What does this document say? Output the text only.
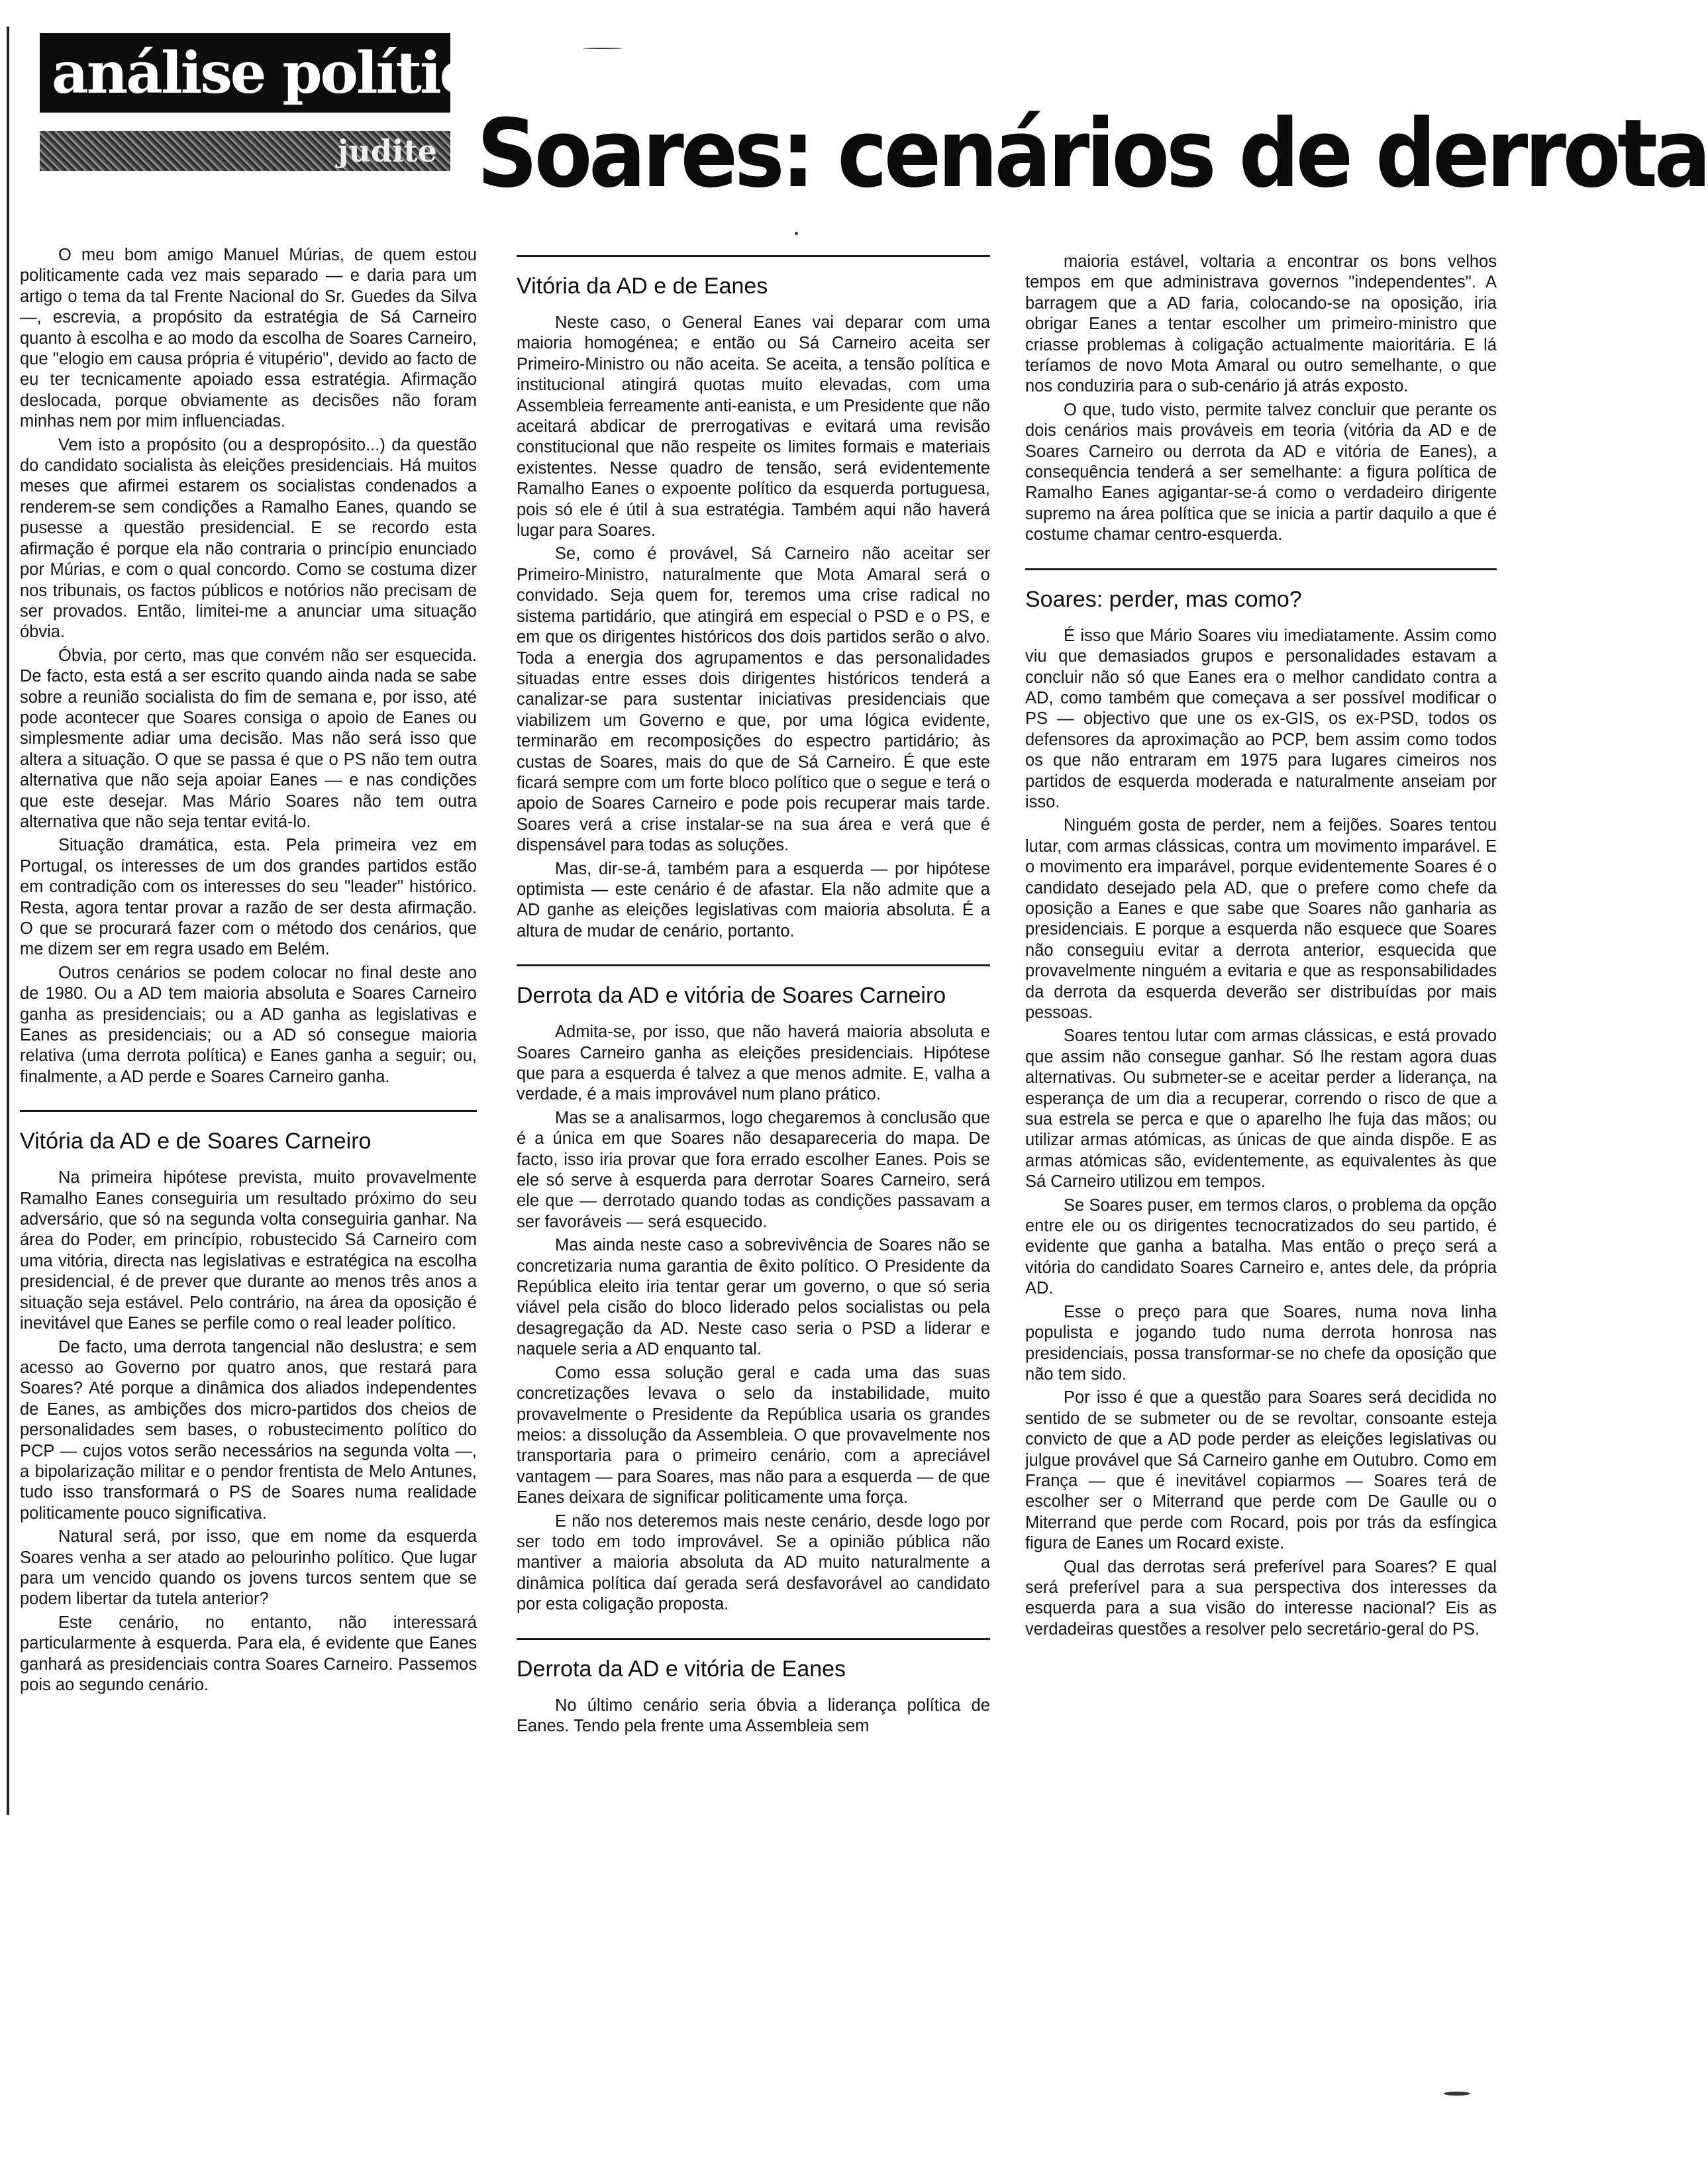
análise política
judite Soares: cenários de derrota

O meu bom amigo Manuel Múrias, de quem estou politicamente cada vez mais separado — e daria para um artigo o tema da tal Frente Nacional do Sr. Guedes da Silva —, escrevia, a propósito da estratégia de Sá Carneiro quanto à escolha e ao modo da escolha de Soares Carneiro, que "elogio em causa própria é vitupério", devido ao facto de eu ter tecnicamente apoiado essa estratégia. Afirmação deslocada, porque obviamente as decisões não foram minhas nem por mim influenciadas.

Vem isto a propósito (ou a despropósito...) da questão do candidato socialista às eleições presidenciais. Há muitos meses que afirmei estarem os socialistas condenados a renderem-se sem condições a Ramalho Eanes, quando se pusesse a questão presidencial. E se recordo esta afirmação é porque ela não contraria o princípio enunciado por Múrias, e com o qual concordo. Como se costuma dizer nos tribunais, os factos públicos e notórios não precisam de ser provados. Então, limitei-me a anunciar uma situação óbvia.

Óbvia, por certo, mas que convém não ser esquecida. De facto, esta está a ser escrito quando ainda nada se sabe sobre a reunião socialista do fim de semana e, por isso, até pode acontecer que Soares consiga o apoio de Eanes ou simplesmente adiar uma decisão. Mas não será isso que altera a situação. O que se passa é que o PS não tem outra alternativa que não seja apoiar Eanes — e nas condições que este desejar. Mas Mário Soares não tem outra alternativa que não seja tentar evitá-lo.

Situação dramática, esta. Pela primeira vez em Portugal, os interesses de um dos grandes partidos estão em contradição com os interesses do seu "leader" histórico. Resta, agora tentar provar a razão de ser desta afirmação. O que se procurará fazer com o método dos cenários, que me dizem ser em regra usado em Belém.

Outros cenários se podem colocar no final deste ano de 1980. Ou a AD tem maioria absoluta e Soares Carneiro ganha as presidenciais; ou a AD ganha as legislativas e Eanes as presidenciais; ou a AD só consegue maioria relativa (uma derrota política) e Eanes ganha a seguir; ou, finalmente, a AD perde e Soares Carneiro ganha.

Vitória da AD e de Soares Carneiro

Na primeira hipótese prevista, muito provavelmente Ramalho Eanes conseguiria um resultado próximo do seu adversário, que só na segunda volta conseguiria ganhar. Na área do Poder, em princípio, robustecido Sá Carneiro com uma vitória, directa nas legislativas e estratégica na escolha presidencial, é de prever que durante ao menos três anos a situação seja estável. Pelo contrário, na área da oposição é inevitável que Eanes se perfile como o real leader político.

De facto, uma derrota tangencial não deslustra; e sem acesso ao Governo por quatro anos, que restará para Soares? Até porque a dinâmica dos aliados independentes de Eanes, as ambições dos micro-partidos dos cheios de personalidades sem bases, o robustecimento político do PCP — cujos votos serão necessários na segunda volta —, a bipolarização militar e o pendor frentista de Melo Antunes, tudo isso transformará o PS de Soares numa realidade politicamente pouco significativa.

Natural será, por isso, que em nome da esquerda Soares venha a ser atado ao pelourinho político. Que lugar para um vencido quando os jovens turcos sentem que se podem libertar da tutela anterior?

Este cenário, no entanto, não interessará particularmente à esquerda. Para ela, é evidente que Eanes ganhará as presidenciais contra Soares Carneiro. Passemos pois ao segundo cenário.

Vitória da AD e de Eanes

Neste caso, o General Eanes vai deparar com uma maioria homogénea; e então ou Sá Carneiro aceita ser Primeiro-Ministro ou não aceita. Se aceita, a tensão política e institucional atingirá quotas muito elevadas, com uma Assembleia ferreamente anti-eanista, e um Presidente que não aceitará abdicar de prerrogativas e evitará uma revisão constitucional que não respeite os limites formais e materiais existentes. Nesse quadro de tensão, será evidentemente Ramalho Eanes o expoente político da esquerda portuguesa, pois só ele é útil à sua estratégia. Também aqui não haverá lugar para Soares.

Se, como é provável, Sá Carneiro não aceitar ser Primeiro-Ministro, naturalmente que Mota Amaral será o convidado. Seja quem for, teremos uma crise radical no sistema partidário, que atingirá em especial o PSD e o PS, e em que os dirigentes históricos dos dois partidos serão o alvo. Toda a energia dos agrupamentos e das personalidades situadas entre esses dois dirigentes históricos tenderá a canalizar-se para sustentar iniciativas presidenciais que viabilizem um Governo e que, por uma lógica evidente, terminarão em recomposições do espectro partidário; às custas de Soares, mais do que de Sá Carneiro. É que este ficará sempre com um forte bloco político que o segue e terá o apoio de Soares Carneiro e pode pois recuperar mais tarde. Soares verá a crise instalar-se na sua área e verá que é dispensável para todas as soluções.

Mas, dir-se-á, também para a esquerda — por hipótese optimista — este cenário é de afastar. Ela não admite que a AD ganhe as eleições legislativas com maioria absoluta. É a altura de mudar de cenário, portanto.

Derrota da AD e vitória de Soares Carneiro

Admita-se, por isso, que não haverá maioria absoluta e Soares Carneiro ganha as eleições presidenciais. Hipótese que para a esquerda é talvez a que menos admite. E, valha a verdade, é a mais improvável num plano prático.

Mas se a analisarmos, logo chegaremos à conclusão que é a única em que Soares não desapareceria do mapa. De facto, isso iria provar que fora errado escolher Eanes. Pois se ele só serve à esquerda para derrotar Soares Carneiro, será ele que — derrotado quando todas as condições passavam a ser favoráveis — será esquecido.

Mas ainda neste caso a sobrevivência de Soares não se concretizaria numa garantia de êxito político. O Presidente da República eleito iria tentar gerar um governo, o que só seria viável pela cisão do bloco liderado pelos socialistas ou pela desagregação da AD. Neste caso seria o PSD a liderar e naquele seria a AD enquanto tal.

Como essa solução geral e cada uma das suas concretizações levava o selo da instabilidade, muito provavelmente o Presidente da República usaria os grandes meios: a dissolução da Assembleia. O que provavelmente nos transportaria para o primeiro cenário, com a apreciável vantagem — para Soares, mas não para a esquerda — de que Eanes deixara de significar politicamente uma força.

E não nos deteremos mais neste cenário, desde logo por ser todo em todo improvável. Se a opinião pública não mantiver a maioria absoluta da AD muito naturalmente a dinâmica política daí gerada será desfavorável ao candidato por esta coligação proposta.

Derrota da AD e vitória de Eanes

No último cenário seria óbvia a liderança política de Eanes. Tendo pela frente uma Assembleia sem

maioria estável, voltaria a encontrar os bons velhos tempos em que administrava governos "independentes". A barragem que a AD faria, colocando-se na oposição, iria obrigar Eanes a tentar escolher um primeiro-ministro que criasse problemas à coligação actualmente maioritária. E lá teríamos de novo Mota Amaral ou outro semelhante, o que nos conduziria para o sub-cenário já atrás exposto.

O que, tudo visto, permite talvez concluir que perante os dois cenários mais prováveis em teoria (vitória da AD e de Soares Carneiro ou derrota da AD e vitória de Eanes), a consequência tenderá a ser semelhante: a figura política de Ramalho Eanes agigantar-se-á como o verdadeiro dirigente supremo na área política que se inicia a partir daquilo a que é costume chamar centro-esquerda.

Soares: perder, mas como?

É isso que Mário Soares viu imediatamente. Assim como viu que demasiados grupos e personalidades estavam a concluir não só que Eanes era o melhor candidato contra a AD, como também que começava a ser possível modificar o PS — objectivo que une os ex-GIS, os ex-PSD, todos os defensores da aproximação ao PCP, bem assim como todos os que não entraram em 1975 para lugares cimeiros nos partidos de esquerda moderada e naturalmente anseiam por isso.

Ninguém gosta de perder, nem a feijões. Soares tentou lutar, com armas clássicas, contra um movimento imparável. E o movimento era imparável, porque evidentemente Soares é o candidato desejado pela AD, que o prefere como chefe da oposição a Eanes e que sabe que Soares não ganharia as presidenciais. E porque a esquerda não esquece que Soares não conseguiu evitar a derrota anterior, esquecida que provavelmente ninguém a evitaria e que as responsabilidades da derrota da esquerda deverão ser distribuídas por mais pessoas.

Soares tentou lutar com armas clássicas, e está provado que assim não consegue ganhar. Só lhe restam agora duas alternativas. Ou submeter-se e aceitar perder a liderança, na esperança de um dia a recuperar, correndo o risco de que a sua estrela se perca e que o aparelho lhe fuja das mãos; ou utilizar armas atómicas, as únicas de que ainda dispõe. E as armas atómicas são, evidentemente, as equivalentes às que Sá Carneiro utilizou em tempos.

Se Soares puser, em termos claros, o problema da opção entre ele ou os dirigentes tecnocratizados do seu partido, é evidente que ganha a batalha. Mas então o preço será a vitória do candidato Soares Carneiro e, antes dele, da própria AD.

Esse o preço para que Soares, numa nova linha populista e jogando tudo numa derrota honrosa nas presidenciais, possa transformar-se no chefe da oposição que não tem sido.

Por isso é que a questão para Soares será decidida no sentido de se submeter ou de se revoltar, consoante esteja convicto de que a AD pode perder as eleições legislativas ou julgue provável que Sá Carneiro ganhe em Outubro. Como em França — que é inevitável copiarmos — Soares terá de escolher ser o Miterrand que perde com De Gaulle ou o Miterrand que perde com Rocard, pois por trás da esfíngica figura de Eanes um Rocard existe.

Qual das derrotas será preferível para Soares? E qual será preferível para a sua perspectiva dos interesses da esquerda para a sua visão do interesse nacional? Eis as verdadeiras questões a resolver pelo secretário-geral do PS.
